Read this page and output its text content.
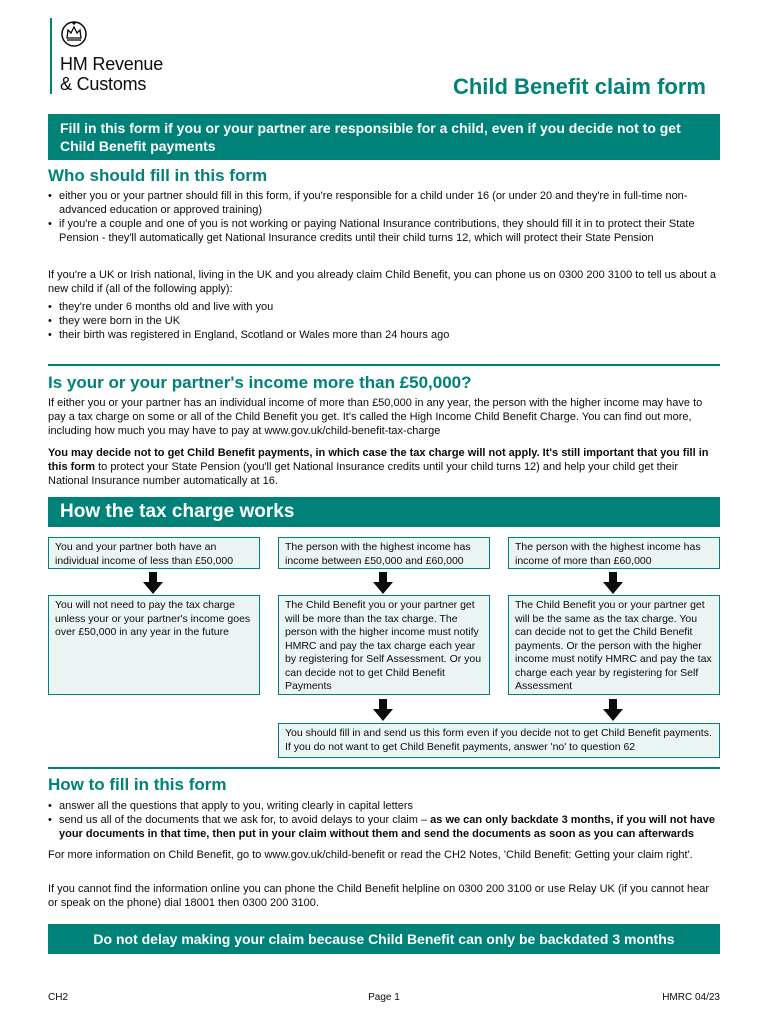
HM Revenue
& Customs	Child Benefit claim form
Fill in this form if you or your partner are responsible for a child, even if you decide not to get Child Benefit payments
Who should fill in this form
• either you or your partner should fill in this form, if you're responsible for a child under 16 (or under 20 and they're in full-time non-advanced education or approved training)
• if you're a couple and one of you is not working or paying National Insurance contributions, they should fill it in to protect their State Pension - they'll automatically get National Insurance credits until their child turns 12, which will protect their State Pension
If you're a UK or Irish national, living in the UK and you already claim Child Benefit, you can phone us on 0300 200 3100 to tell us about a new child if (all of the following apply):
• they're under 6 months old and live with you
• they were born in the UK
• their birth was registered in England, Scotland or Wales more than 24 hours ago
Is your or your partner's income more than £50,000?
If either you or your partner has an individual income of more than £50,000 in any year, the person with the higher income may have to pay a tax charge on some or all of the Child Benefit you get. It's called the High Income Child Benefit Charge. You can find out more, including how much you may have to pay at www.gov.uk/child-benefit-tax-charge
You may decide not to get Child Benefit payments, in which case the tax charge will not apply. It's still important that you fill in this form to protect your State Pension (you'll get National Insurance credits until your child turns 12) and help your child get their National Insurance number automatically at 16.
How the tax charge works
You and your partner both have an individual income of less than £50,000
The person with the highest income has income between £50,000 and £60,000
The person with the highest income has income of more than £60,000
You will not need to pay the tax charge unless your or your partner's income goes over £50,000 in any year in the future
The Child Benefit you or your partner get will be more than the tax charge. The person with the higher income must notify HMRC and pay the tax charge each year by registering for Self Assessment. Or you can decide not to get Child Benefit Payments
The Child Benefit you or your partner get will be the same as the tax charge. You can decide not to get the Child Benefit payments. Or the person with the higher income must notify HMRC and pay the tax charge each year by registering for Self Assessment
You should fill in and send us this form even if you decide not to get Child Benefit payments. If you do not want to get Child Benefit payments, answer 'no' to question 62
How to fill in this form
• answer all the questions that apply to you, writing clearly in capital letters
• send us all of the documents that we ask for, to avoid delays to your claim – as we can only backdate 3 months, if you will not have your documents in that time, then put in your claim without them and send the documents as soon as you can afterwards
For more information on Child Benefit, go to www.gov.uk/child-benefit or read the CH2 Notes, 'Child Benefit: Getting your claim right'.
If you cannot find the information online you can phone the Child Benefit helpline on 0300 200 3100 or use Relay UK (if you cannot hear or speak on the phone) dial 18001 then 0300 200 3100.
Do not delay making your claim because Child Benefit can only be backdated 3 months
CH2	Page 1	HMRC 04/23
